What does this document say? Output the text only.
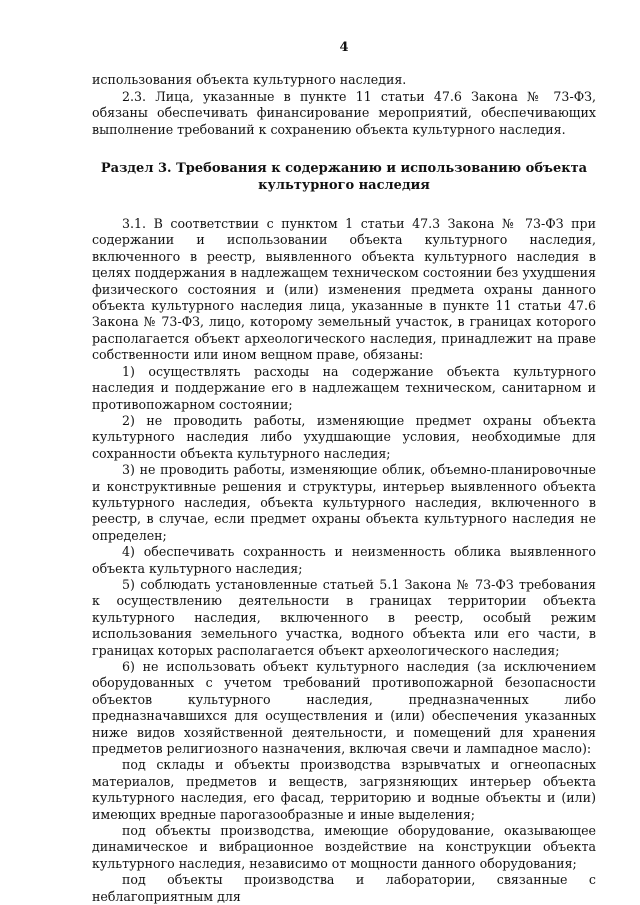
4

использования объекта культурного наследия.

2.3. Лица, указанные в пункте 11 статьи 47.6 Закона № 73-ФЗ, обязаны обеспечивать финансирование мероприятий, обеспечивающих выполнение требований к сохранению объекта культурного наследия.

Раздел 3. Требования к содержанию и использованию объекта
культурного наследия

3.1. В соответствии с пунктом 1 статьи 47.3 Закона № 73-ФЗ при содержании и использовании объекта культурного наследия, включенного в реестр, выявленного объекта культурного наследия в целях поддержания в надлежащем техническом состоянии без ухудшения физического состояния и (или) изменения предмета охраны данного объекта культурного наследия лица, указанные в пункте 11 статьи 47.6 Закона № 73-ФЗ, лицо, которому земельный участок, в границах которого располагается объект археологического наследия, принадлежит на праве собственности или ином вещном праве, обязаны:

1) осуществлять расходы на содержание объекта культурного наследия и поддержание его в надлежащем техническом, санитарном и противопожарном состоянии;

2) не проводить работы, изменяющие предмет охраны объекта культурного наследия либо ухудшающие условия, необходимые для сохранности объекта культурного наследия;

3) не проводить работы, изменяющие облик, объемно-планировочные и конструктивные решения и структуры, интерьер выявленного объекта культурного наследия, объекта культурного наследия, включенного в реестр, в случае, если предмет охраны объекта культурного наследия не определен;

4) обеспечивать сохранность и неизменность облика выявленного объекта культурного наследия;

5) соблюдать установленные статьей 5.1 Закона № 73-ФЗ требования к осуществлению деятельности в границах территории объекта культурного наследия, включенного в реестр, особый режим использования земельного участка, водного объекта или его части, в границах которых располагается объект археологического наследия;

6) не использовать объект культурного наследия (за исключением оборудованных с учетом требований противопожарной безопасности объектов культурного наследия, предназначенных либо предназначавшихся для осуществления и (или) обеспечения указанных ниже видов хозяйственной деятельности, и помещений для хранения предметов религиозного назначения, включая свечи и лампадное масло):

под склады и объекты производства взрывчатых и огнеопасных материалов, предметов и веществ, загрязняющих интерьер объекта культурного наследия, его фасад, территорию и водные объекты и (или) имеющих вредные парогазообразные и иные выделения;

под объекты производства, имеющие оборудование, оказывающее динамическое и вибрационное воздействие на конструкции объекта культурного наследия, независимо от мощности данного оборудования;

под объекты производства и лаборатории, связанные с неблагоприятным для
